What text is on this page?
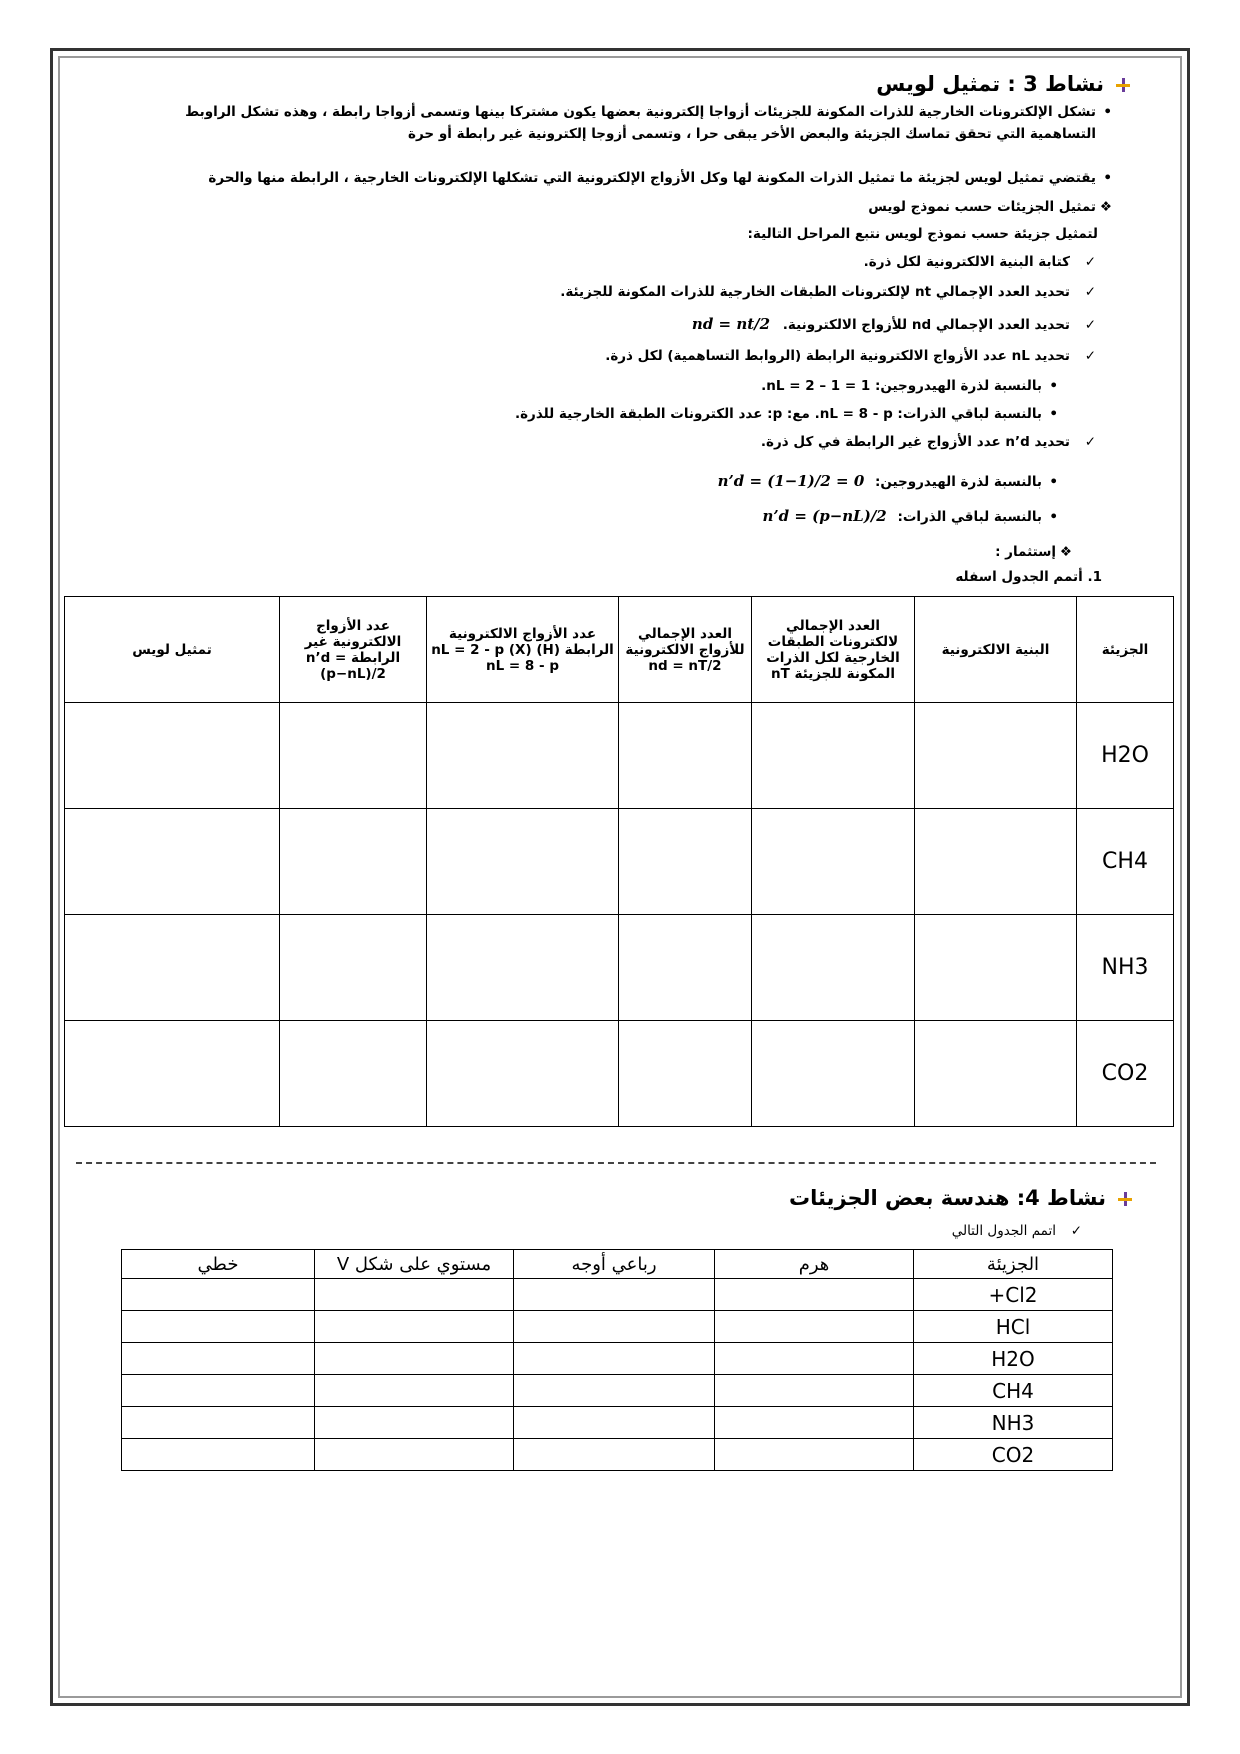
نشاط 3 : تمثيل لويس
•تشكل الإلكترونات الخارجية للذرات المكونة للجزيئات أزواجا إلكترونية بعضها يكون مشتركا بينها وتسمى أزواجا رابطة ، وهذه تشكل الراوبط
التساهمية التي تحقق تماسك الجزيئة والبعض الأخر يبقى حرا ، وتسمى أزوجا إلكترونية غير رابطة أو حرة
•يقتضي تمثيل لويس لجزيئة ما تمثيل الذرات المكونة لها وكل الأزواج الإلكترونية التي تشكلها الإلكترونات الخارجية ، الرابطة منها والحرة
❖تمثيل الجزيئات حسب نموذج لويس
لتمثيل جزيئة حسب نموذج لويس نتبع المراحل التالية:
✓كتابة البنية الالكترونية لكل ذرة.
✓تحديد العدد الإجمالي nt لإلكترونات الطبقات الخارجية للذرات المكونة للجزيئة.
✓تحديد العدد الإجمالي nd للأزواج الالكترونية. nd = nt/2
✓تحديد nL عدد الأزواج الالكترونية الرابطة (الروابط التساهمية) لكل ذرة.
•بالنسبة لذرة الهيدروجين: nL = 2 – 1 = 1.
•بالنسبة لباقي الذرات: nL = 8 - p. مع: p: عدد الكترونات الطبقة الخارجية للذرة.
✓تحديد n’d عدد الأزواج غير الرابطة في كل ذرة.
•بالنسبة لذرة الهيدروجين: n’d = (1−1)/2 = 0
•بالنسبة لباقي الذرات: n’d = (p−nL)/2
❖إستثمار :
1. أتمم الجدول اسفله
الجزيئة	البنية الالكترونية	العدد الإجمالي لالكترونات الطبقات الخارجية لكل الذرات المكونة للجزيئة nT	العدد الإجمالي للأزواج الالكترونية nd = nT/2	عدد الأزواج الالكترونية الرابطة (H) nL = 2 - p (X) nL = 8 - p	عدد الأزواج الالكترونية غير الرابطة n’d = (p−nL)/2	تمثيل لويس
H2O						
CH4						
NH3						
CO2						
نشاط 4: هندسة بعض الجزيئات
✓اتمم الجدول التالي
الجزيئة	هرم	رباعي أوجه	مستوي على شكل V	خطي
Cl2+				
HCl				
H2O				
CH4				
NH3				
CO2				
